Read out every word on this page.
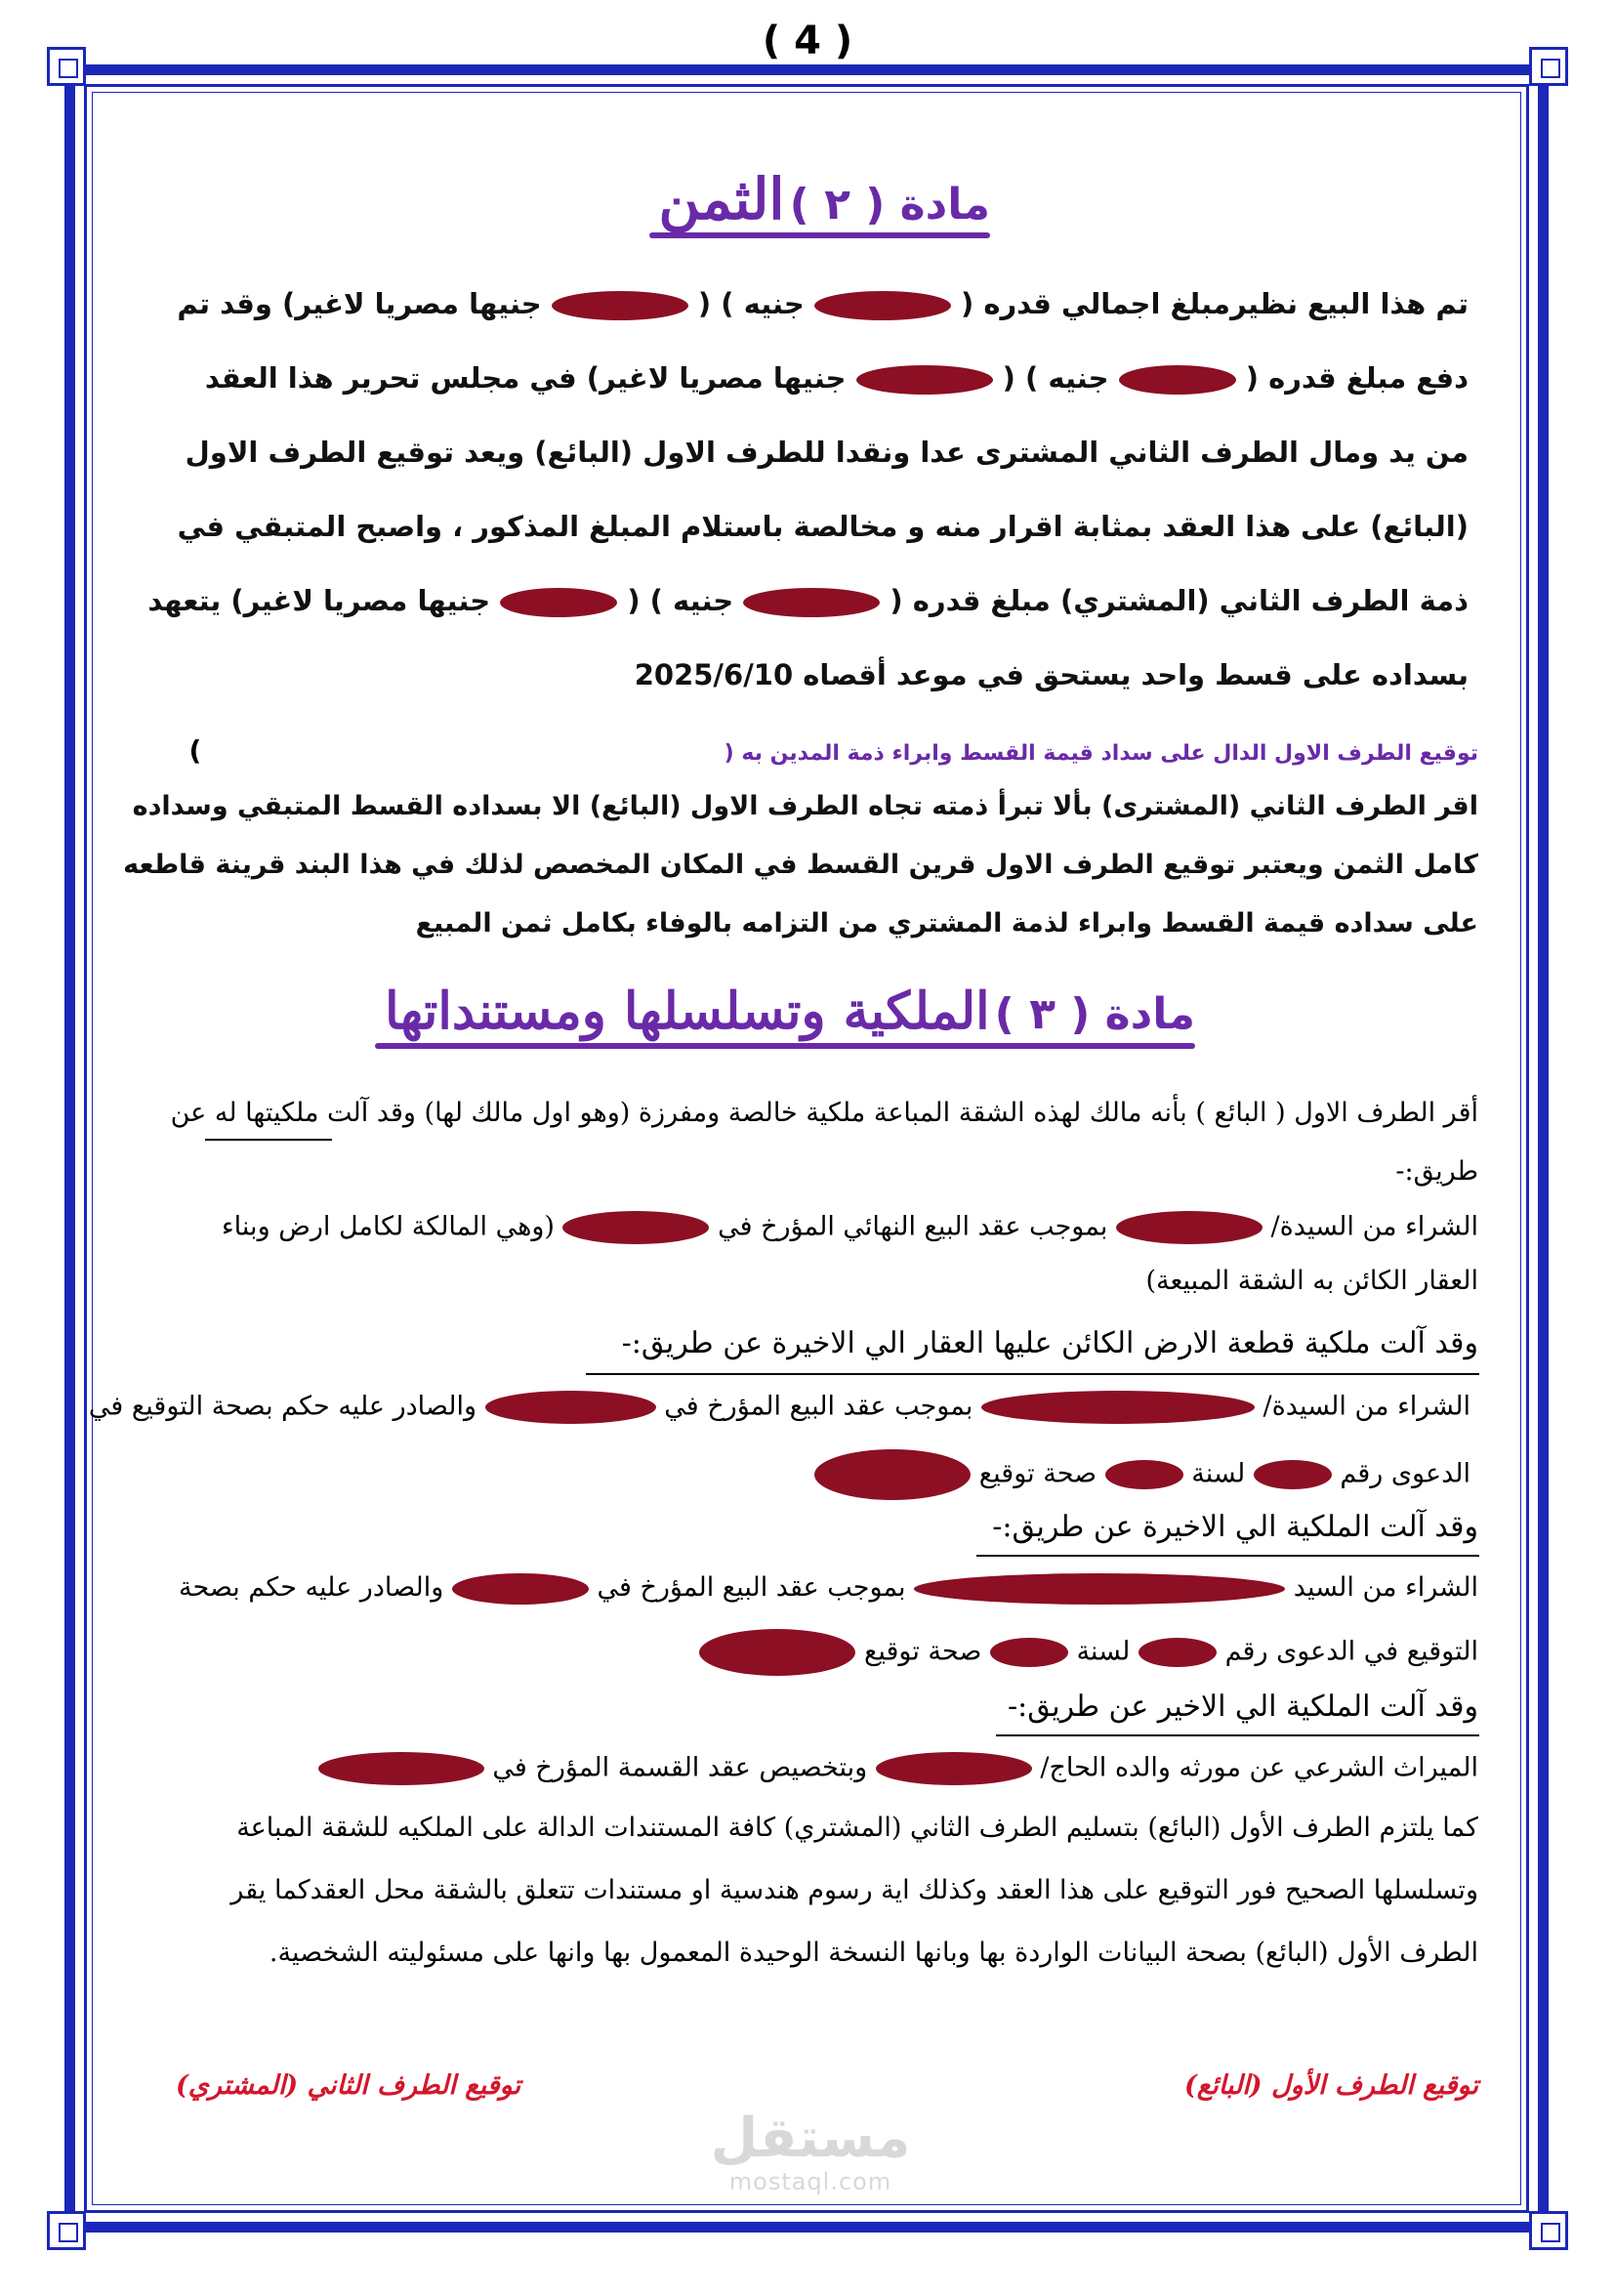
( 4 )
مادة ( ٢ ) الثمن
تم هذا البيع نظيرمبلغ اجمالي قدره (  جنيه ) (  جنيها مصريا لاغير) وقد تم
دفع مبلغ قدره (  جنيه ) (  جنيها مصريا لاغير) في مجلس تحرير هذا العقد
من يد ومال الطرف الثاني المشترى عدا ونقدا للطرف الاول (البائع) ويعد توقيع الطرف الاول
(البائع) على هذا العقد بمثابة اقرار منه و مخالصة باستلام المبلغ المذكور ، واصبح المتبقي في
ذمة الطرف الثاني (المشتري) مبلغ قدره (  جنيه ) (  جنيها مصريا لاغير) يتعهد
بسداده على قسط واحد يستحق في موعد أقصاه 2025/6/10
توقيع الطرف الاول الدال على سداد قيمة القسط وابراء ذمة المدين به (  )
اقر الطرف الثاني (المشترى) بألا تبرأ ذمته تجاه الطرف الاول (البائع) الا بسداده القسط المتبقي وسداده
كامل الثمن ويعتبر توقيع الطرف الاول قرين القسط في المكان المخصص لذلك في هذا البند قرينة قاطعه
على سداده قيمة القسط وابراء لذمة المشتري من التزامه بالوفاء بكامل ثمن المبيع
مادة ( ٣ ) الملكية وتسلسلها ومستنداتها
أقر الطرف الاول ( البائع ) بأنه مالك لهذه الشقة المباعة ملكية خالصة ومفرزة (وهو اول مالك لها) وقد آلت ملكيتها له عن
طريق:-
الشراء من السيدة/  بموجب عقد البيع النهائي المؤرخ في  (وهي المالكة لكامل ارض وبناء
العقار الكائن به الشقة المبيعة)
وقد آلت ملكية قطعة الارض الكائن عليها العقار الي الاخيرة عن طريق:-
الشراء من السيدة/  بموجب عقد البيع المؤرخ في  والصادر عليه حكم بصحة التوقيع في
الدعوى رقم  لسنة  صحة توقيع
وقد آلت الملكية الي الاخيرة عن طريق:-
الشراء من السيد  بموجب عقد البيع المؤرخ في  والصادر عليه حكم بصحة
التوقيع في الدعوى رقم  لسنة  صحة توقيع
وقد آلت الملكية الي الاخير عن طريق:-
الميراث الشرعي عن مورثه والده الحاج/  وبتخصيص عقد القسمة المؤرخ في
كما يلتزم الطرف الأول (البائع) بتسليم الطرف الثاني (المشتري) كافة المستندات الدالة على الملكيه للشقة المباعة
وتسلسلها الصحيح فور التوقيع على هذا العقد وكذلك اية رسوم هندسية او مستندات تتعلق بالشقة محل العقدكما يقر
الطرف الأول (البائع) بصحة البيانات الواردة بها وبانها النسخة الوحيدة المعمول بها وانها على مسئوليته الشخصية.
توقيع الطرف الأول (البائع)
توقيع الطرف الثاني (المشتري)
مستقل
mostaql.com
